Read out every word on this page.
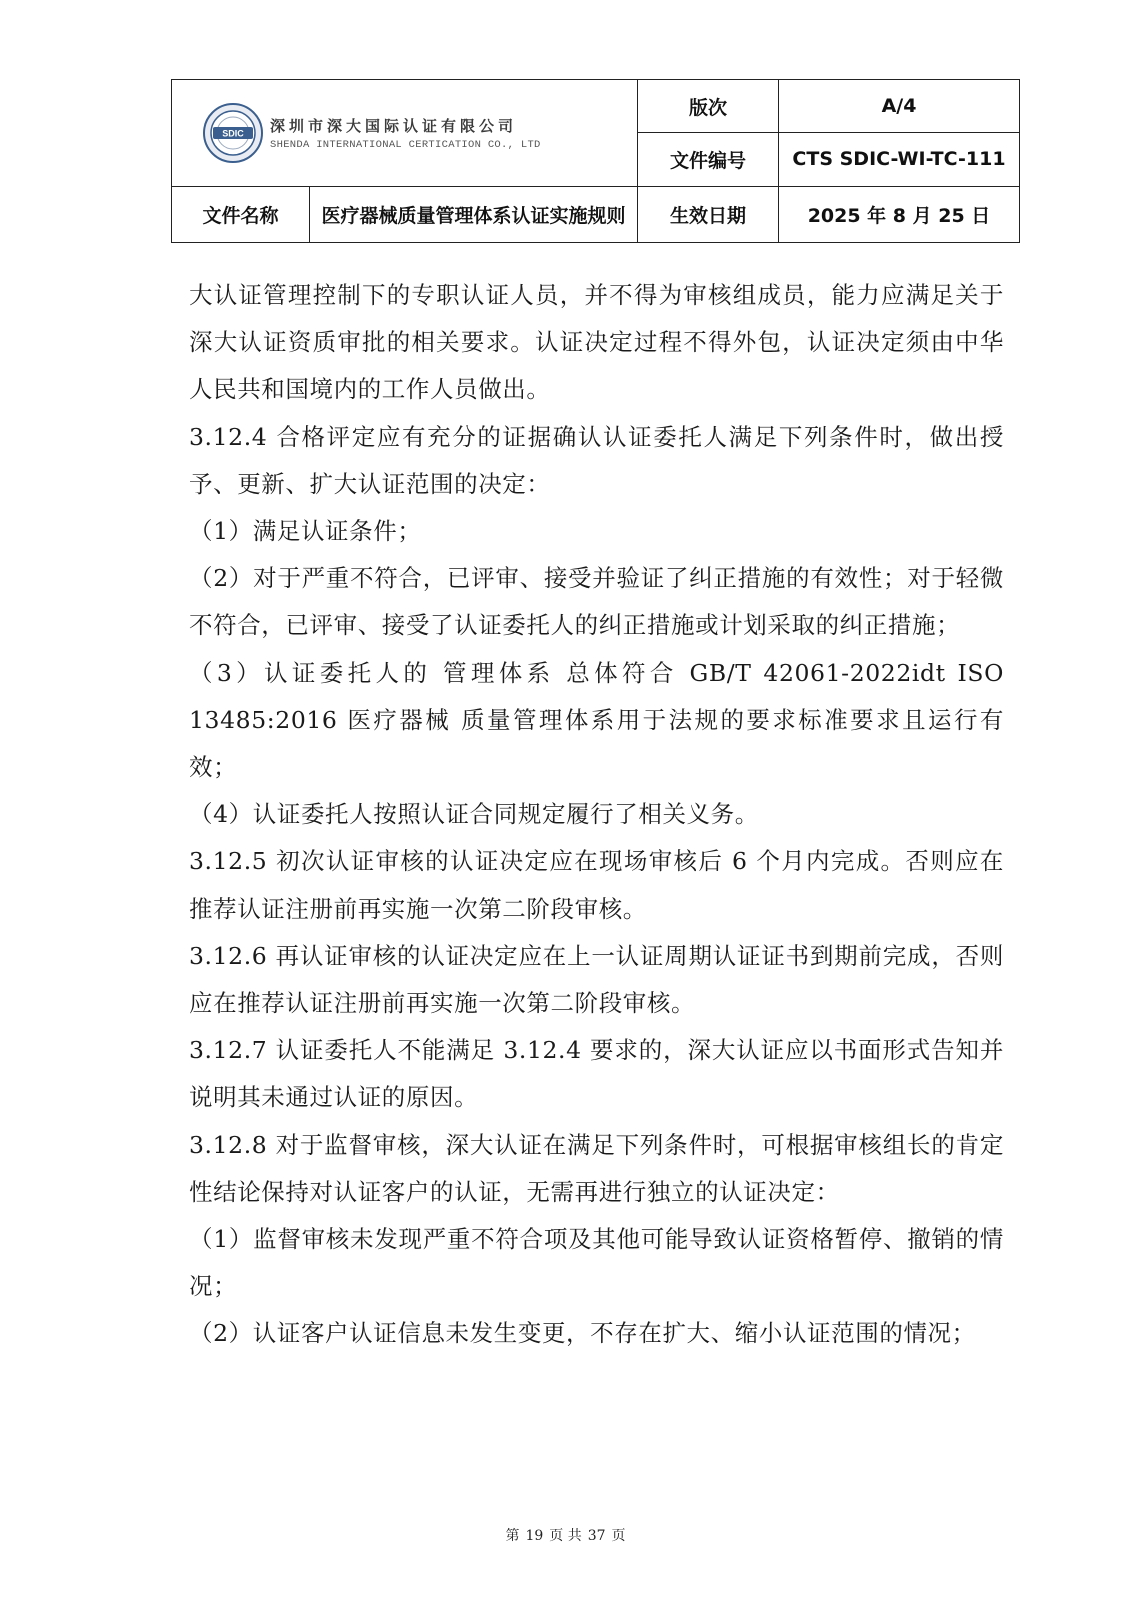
SDIC 深圳市深大国际认证有限公司
SHENDA INTERNATIONAL CERTICATION CO., LTD		版次	A/4
		文件编号	CTS SDIC-WI-TC-111
文件名称	医疗器械质量管理体系认证实施规则	生效日期	2025 年 8 月 25 日

大认证管理控制下的专职认证人员，并不得为审核组成员，能力应满足关于深大认证资质审批的相关要求。认证决定过程不得外包，认证决定须由中华人民共和国境内的工作人员做出。

3.12.4 合格评定应有充分的证据确认认证委托人满足下列条件时，做出授予、更新、扩大认证范围的决定：

（1）满足认证条件；

（2）对于严重不符合，已评审、接受并验证了纠正措施的有效性；对于轻微不符合，已评审、接受了认证委托人的纠正措施或计划采取的纠正措施；

（3）认证委托人的 管理体系 总体符合 GB/T 42061-2022idt ISO 13485:2016 医疗器械 质量管理体系用于法规的要求标准要求且运行有效；

（4）认证委托人按照认证合同规定履行了相关义务。

3.12.5 初次认证审核的认证决定应在现场审核后 6 个月内完成。否则应在推荐认证注册前再实施一次第二阶段审核。

3.12.6 再认证审核的认证决定应在上一认证周期认证证书到期前完成，否则应在推荐认证注册前再实施一次第二阶段审核。

3.12.7 认证委托人不能满足 3.12.4 要求的，深大认证应以书面形式告知并说明其未通过认证的原因。

3.12.8 对于监督审核，深大认证在满足下列条件时，可根据审核组长的肯定性结论保持对认证客户的认证，无需再进行独立的认证决定：

（1）监督审核未发现严重不符合项及其他可能导致认证资格暂停、撤销的情况；

（2）认证客户认证信息未发生变更，不存在扩大、缩小认证范围的情况；

第 19 页 共 37 页
